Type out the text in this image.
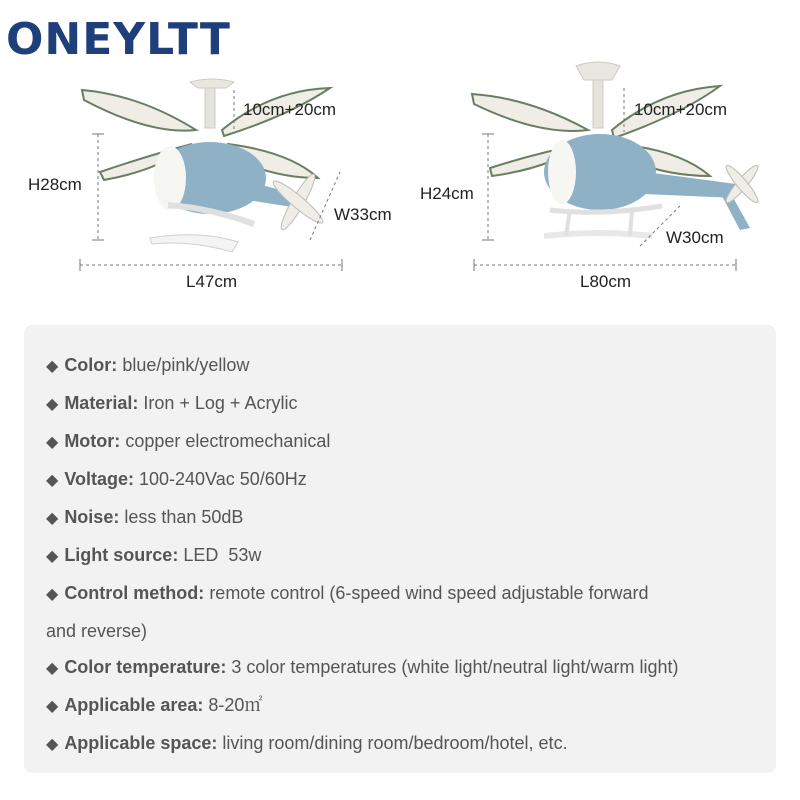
ONEYLTT
10cm+20cm
H28cm
W33cm
L47cm
10cm+20cm
H24cm
W30cm
L80cm
◆ Color: blue/pink/yellow
◆ Material: Iron + Log + Acrylic
◆ Motor: copper electromechanical
◆ Voltage: 100-240Vac 50/60Hz
◆ Noise: less than 50dB
◆ Light source: LED  53w
◆ Control method: remote control (6-speed wind speed adjustable forward
and reverse)
◆ Color temperature: 3 color temperatures (white light/neutral light/warm light)
◆ Applicable area: 8-20㎡
◆ Applicable space: living room/dining room/bedroom/hotel, etc.
